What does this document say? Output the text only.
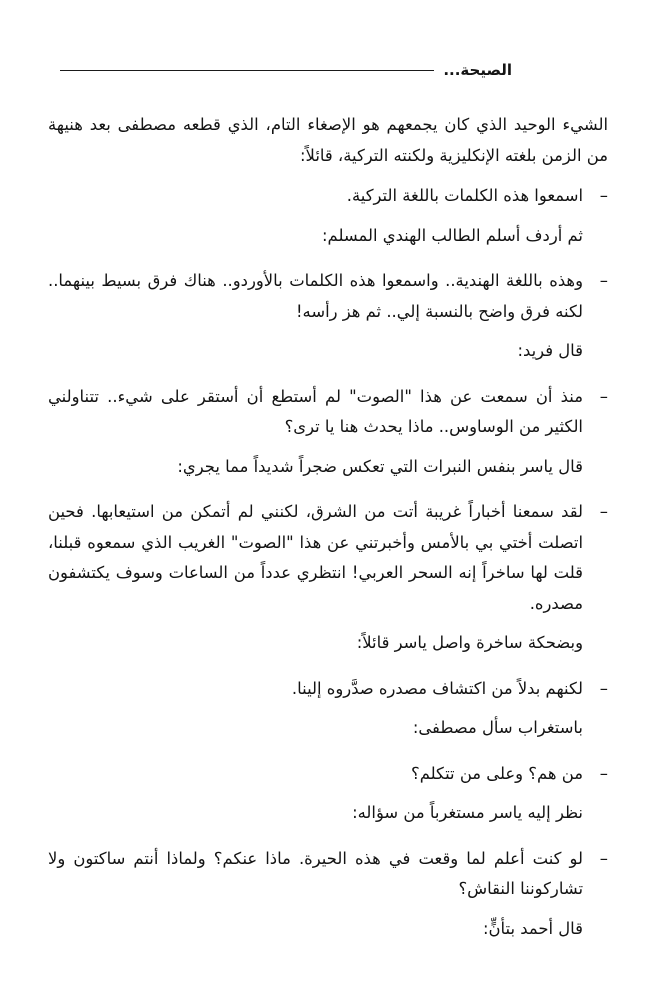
الصيحة...

الشيء الوحيد الذي كان يجمعهم هو الإصغاء التام، الذي قطعه مصطفى بعد هنيهة من الزمن بلغته الإنكليزية ولكنته التركية، قائلاً:

– اسمعوا هذه الكلمات باللغة التركية.

ثم أردف أسلم الطالب الهندي المسلم:

– وهذه باللغة الهندية.. واسمعوا هذه الكلمات بالأوردو.. هناك فرق بسيط بينهما.. لكنه فرق واضح بالنسبة إلي.. ثم هز رأسه!

قال فريد:

– منذ أن سمعت عن هذا "الصوت" لم أستطع أن أستقر على شيء.. تتناولني الكثير من الوساوس.. ماذا يحدث هنا يا ترى؟

قال ياسر بنفس النبرات التي تعكس ضجراً شديداً مما يجري:

– لقد سمعنا أخباراً غريبة أتت من الشرق، لكنني لم أتمكن من استيعابها. فحين اتصلت أختي بي بالأمس وأخبرتني عن هذا "الصوت" الغريب الذي سمعوه قبلنا، قلت لها ساخراً إنه السحر العربي! انتظري عدداً من الساعات وسوف يكتشفون مصدره.

وبضحكة ساخرة واصل ياسر قائلاً:

– لكنهم بدلاً من اكتشاف مصدره صدَّروه إلينا.

باستغراب سأل مصطفى:

– من هم؟ وعلى من تتكلم؟

نظر إليه ياسر مستغرباً من سؤاله:

– لو كنت أعلم لما وقعت في هذه الحيرة. ماذا عنكم؟ ولماذا أنتم ساكتون ولا تشاركوننا النقاش؟

قال أحمد بتأنٍّ:
